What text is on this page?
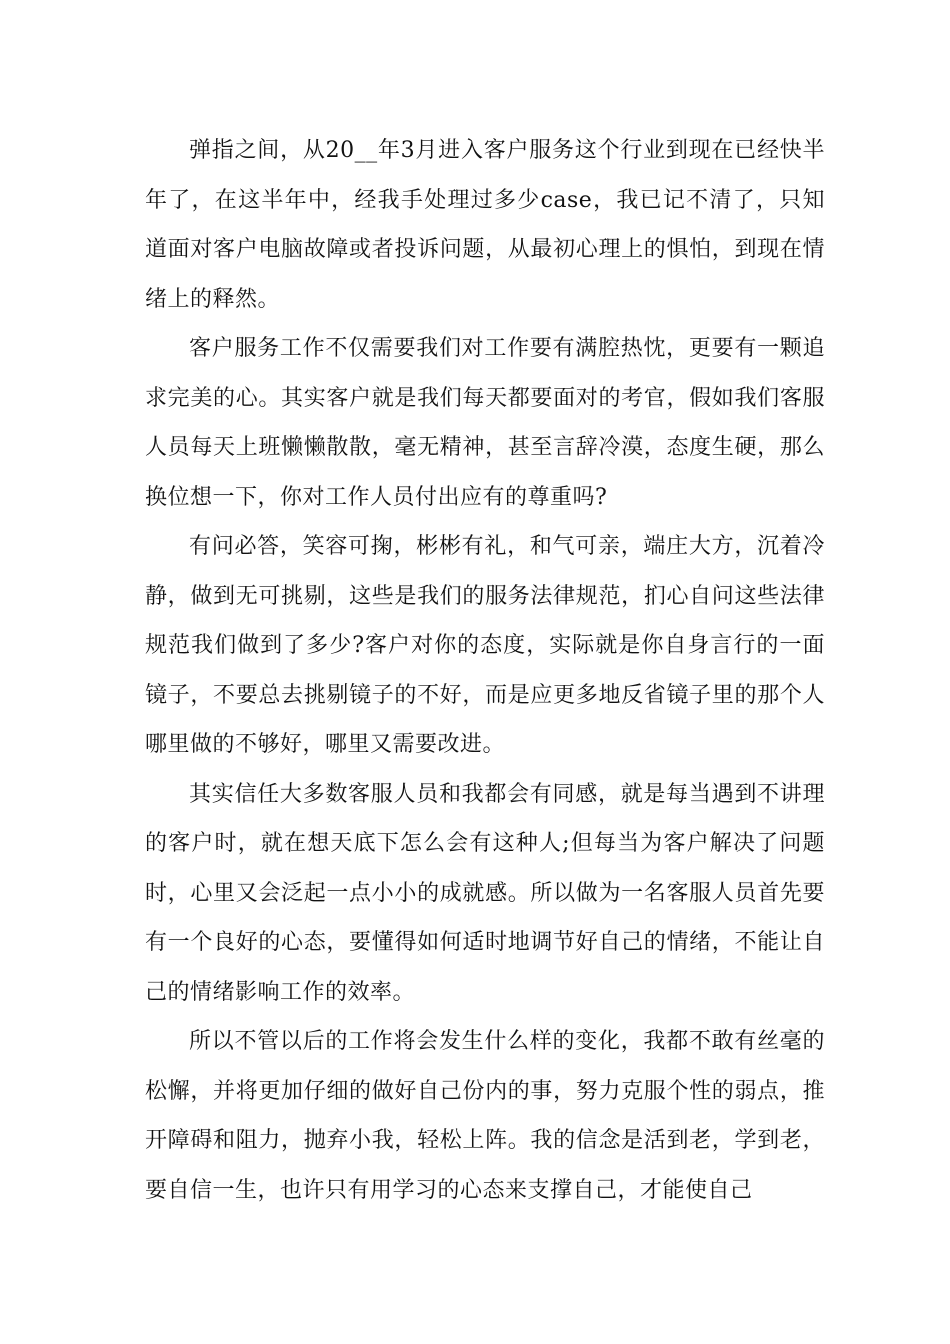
弹指之间，从20__年3月进入客户服务这个行业到现在已经快半年了，在这半年中，经我手处理过多少case，我已记不清了，只知道面对客户电脑故障或者投诉问题，从最初心理上的惧怕，到现在情绪上的释然。

客户服务工作不仅需要我们对工作要有满腔热忱，更要有一颗追求完美的心。其实客户就是我们每天都要面对的考官，假如我们客服人员每天上班懒懒散散，毫无精神，甚至言辞冷漠，态度生硬，那么换位想一下，你对工作人员付出应有的尊重吗?

有问必答，笑容可掬，彬彬有礼，和气可亲，端庄大方，沉着冷静，做到无可挑剔，这些是我们的服务法律规范，扪心自问这些法律规范我们做到了多少?客户对你的态度，实际就是你自身言行的一面镜子，不要总去挑剔镜子的不好，而是应更多地反省镜子里的那个人哪里做的不够好，哪里又需要改进。

其实信任大多数客服人员和我都会有同感，就是每当遇到不讲理的客户时，就在想天底下怎么会有这种人;但每当为客户解决了问题时，心里又会泛起一点小小的成就感。所以做为一名客服人员首先要有一个良好的心态，要懂得如何适时地调节好自己的情绪，不能让自己的情绪影响工作的效率。

所以不管以后的工作将会发生什么样的变化，我都不敢有丝毫的松懈，并将更加仔细的做好自己份内的事，努力克服个性的弱点，推开障碍和阻力，抛弃小我，轻松上阵。我的信念是活到老，学到老，要自信一生，也许只有用学习的心态来支撑自己，才能使自己
